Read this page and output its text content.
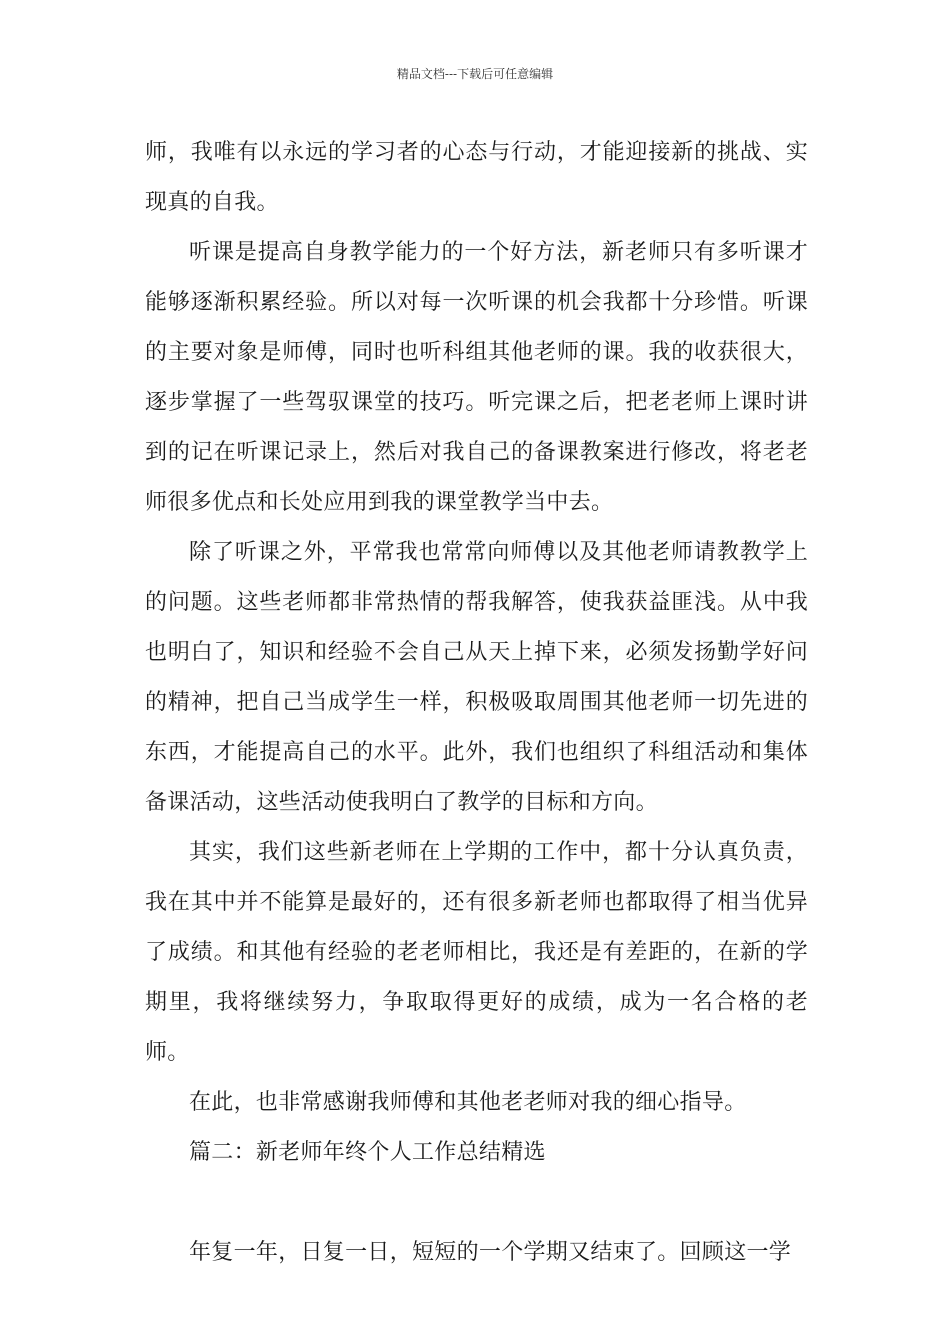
精品文档---下载后可任意编辑

师，我唯有以永远的学习者的心态与行动，才能迎接新的挑战、实现真的自我。

听课是提高自身教学能力的一个好方法，新老师只有多听课才能够逐渐积累经验。所以对每一次听课的机会我都十分珍惜。听课的主要对象是师傅，同时也听科组其他老师的课。我的收获很大，逐步掌握了一些驾驭课堂的技巧。听完课之后，把老老师上课时讲到的记在听课记录上，然后对我自己的备课教案进行修改，将老老师很多优点和长处应用到我的课堂教学当中去。

除了听课之外，平常我也常常向师傅以及其他老师请教教学上的问题。这些老师都非常热情的帮我解答，使我获益匪浅。从中我也明白了，知识和经验不会自己从天上掉下来，必须发扬勤学好问的精神，把自己当成学生一样，积极吸取周围其他老师一切先进的东西，才能提高自己的水平。此外，我们也组织了科组活动和集体备课活动，这些活动使我明白了教学的目标和方向。

其实，我们这些新老师在上学期的工作中，都十分认真负责，我在其中并不能算是最好的，还有很多新老师也都取得了相当优异了成绩。和其他有经验的老老师相比，我还是有差距的，在新的学期里，我将继续努力，争取取得更好的成绩，成为一名合格的老师。

在此，也非常感谢我师傅和其他老老师对我的细心指导。

篇二：新老师年终个人工作总结精选

年复一年，日复一日，短短的一个学期又结束了。回顾这一学
